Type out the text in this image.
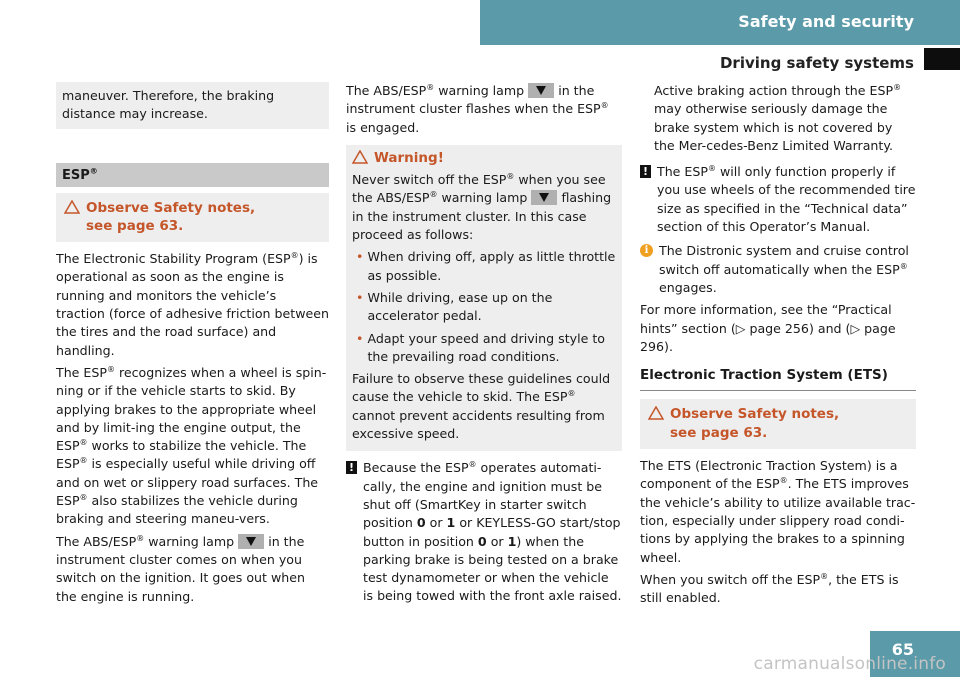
Safety and security
Driving safety systems
maneuver. Therefore, the braking distance may increase.
ESP®
Observe Safety notes, see page 63.

The Electronic Stability Program (ESP®) is operational as soon as the engine is running and monitors the vehicle’s traction (force of adhesive friction between the tires and the road surface) and handling.

The ESP® recognizes when a wheel is spin-ning or if the vehicle starts to skid. By applying brakes to the appropriate wheel and by limit-ing the engine output, the ESP® works to stabilize the vehicle. The ESP® is especially useful while driving off and on wet or slippery road surfaces. The ESP® also stabilizes the vehicle during braking and steering maneu-vers.

The ABS/ESP® warning lamp
in the instrument cluster comes on when you switch on the ignition. It goes out when the engine is running.

The ABS/ESP® warning lamp
in the instrument cluster flashes when the ESP® is engaged.

Warning!

Never switch off the ESP® when you see the ABS/ESP® warning lamp
flashing in the instrument cluster. In this case proceed as follows:

• When driving off, apply as little throttle as possible.
• While driving, ease up on the accelerator pedal.
• Adapt your speed and driving style to the prevailing road conditions.

Failure to observe these guidelines could cause the vehicle to skid. The ESP® cannot prevent accidents resulting from excessive speed.

! Because the ESP® operates automati-cally, the engine and ignition must be shut off (SmartKey in starter switch position 0 or 1 or KEYLESS-GO start/stop button in position 0 or 1) when the parking brake is being tested on a brake test dynamometer or when the vehicle is being towed with the front axle raised.

Active braking action through the ESP® may otherwise seriously damage the brake system which is not covered by the Mer-cedes-Benz Limited Warranty.

! The ESP® will only function properly if you use wheels of the recommended tire size as specified in the “Technical data” section of this Operator’s Manual.
i The Distronic system and cruise control switch off automatically when the ESP® engages.

For more information, see the “Practical hints” section (▷ page 256) and (▷ page 296).

Electronic Traction System (ETS)
Observe Safety notes, see page 63.

The ETS (Electronic Traction System) is a component of the ESP®. The ETS improves the vehicle’s ability to utilize available trac-tion, especially under slippery road condi-tions by applying the brakes to a spinning wheel.

When you switch off the ESP®, the ETS is still enabled.

65
carmanualsonline.info
